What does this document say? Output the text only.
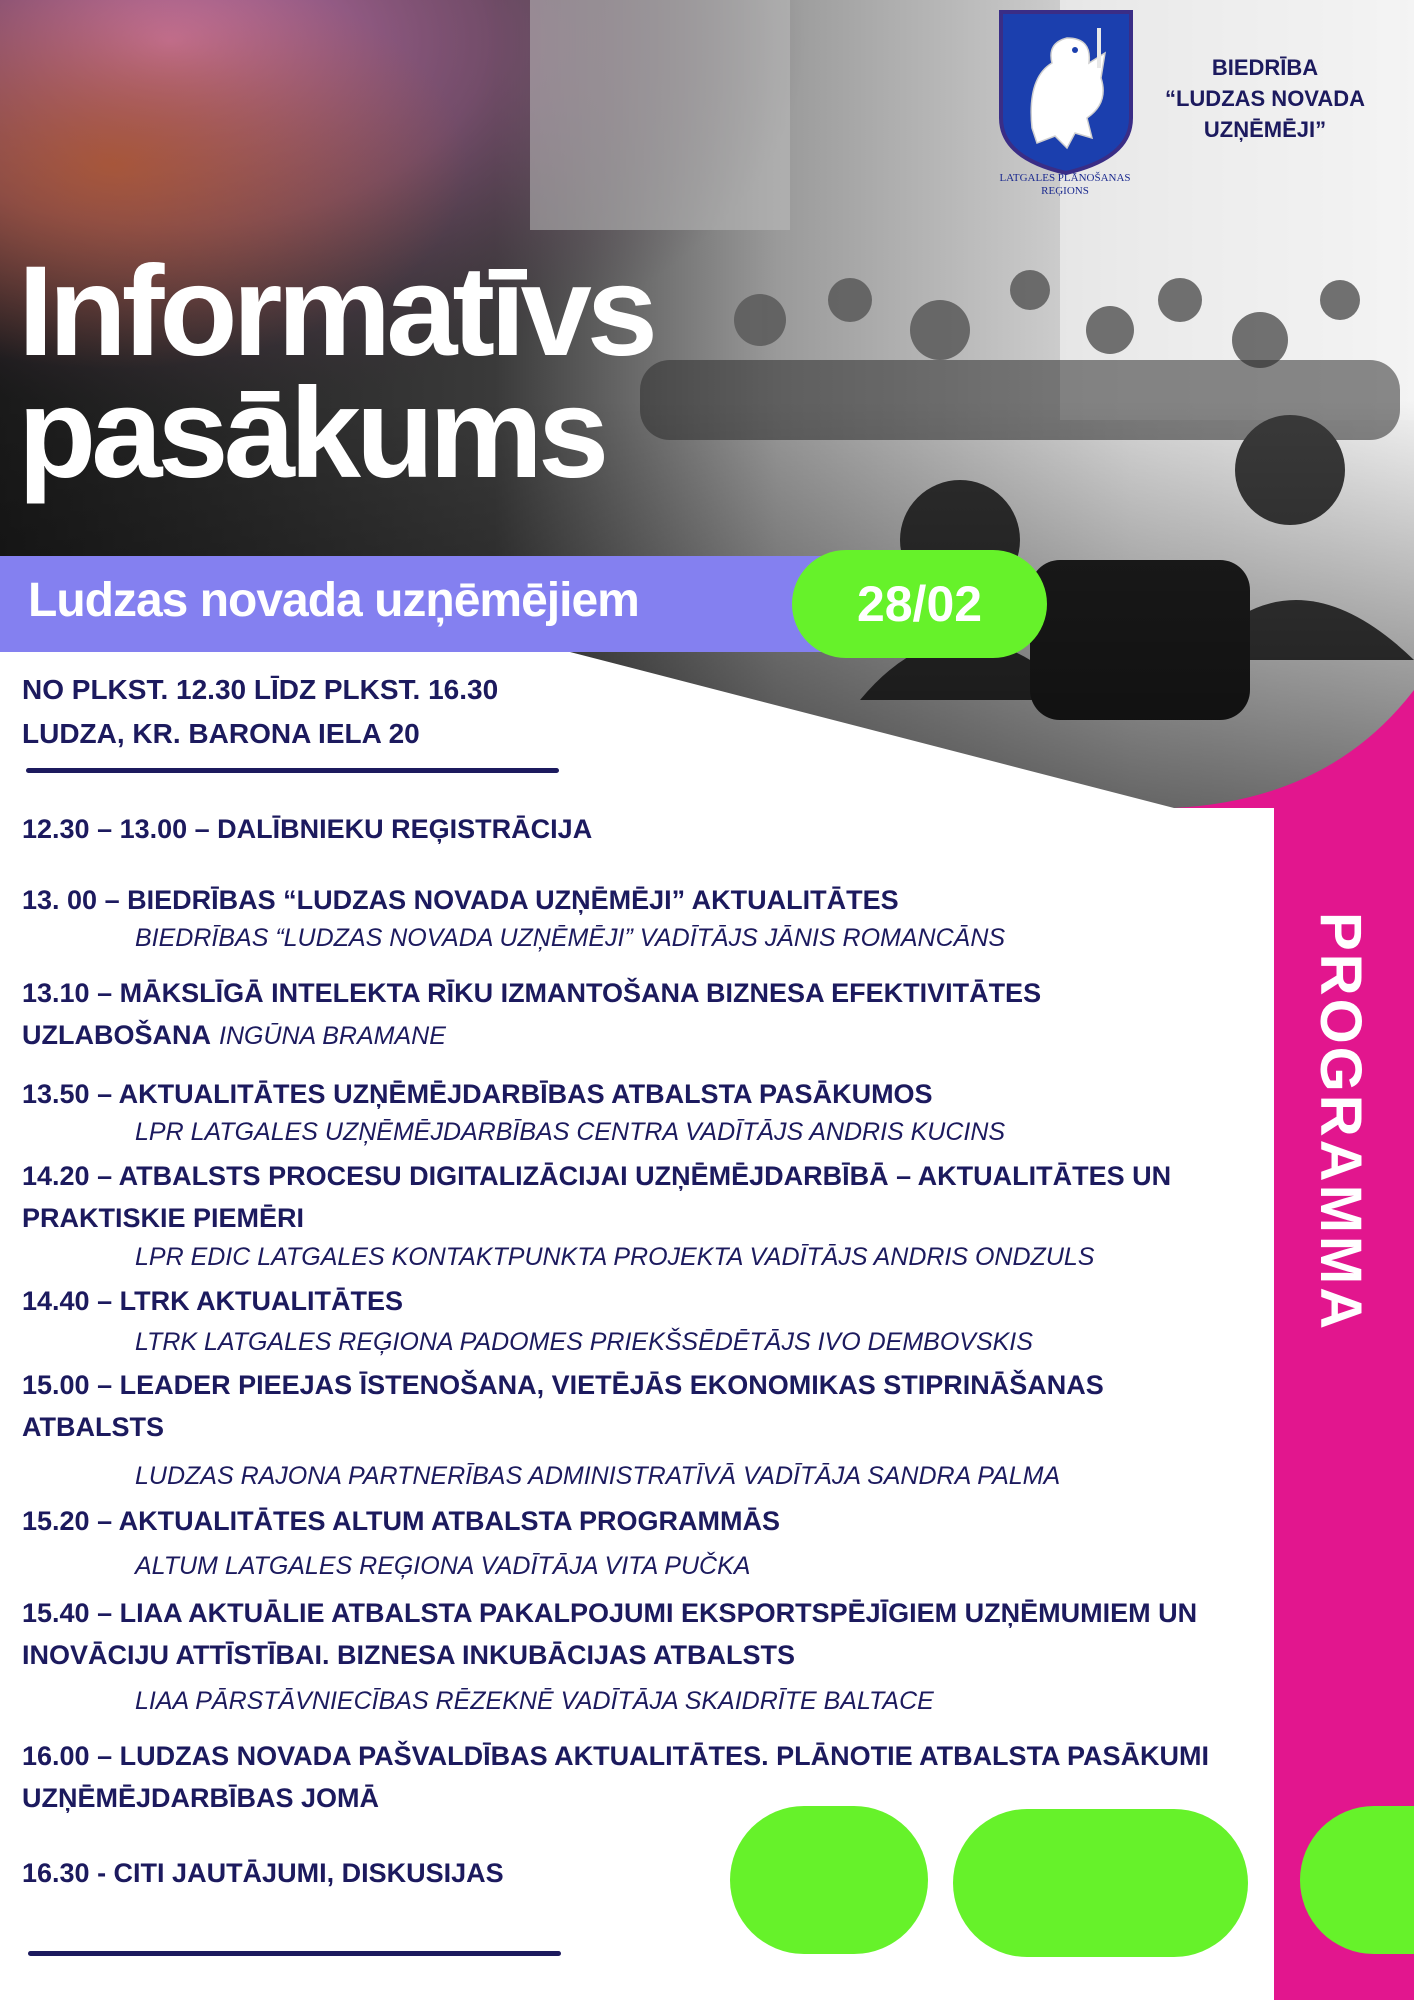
LATGALES PLĀNOŠANAS
REĢIONS
BIEDRĪBA
“LUDZAS NOVADA
UZŅĒMĒJI”
Informatīvs
pasākums
Ludzas novada uzņēmējiem	28/02
NO PLKST. 12.30 LĪDZ PLKST. 16.30
LUDZA, KR. BARONA IELA 20
12.30 – 13.00 – DALĪBNIEKU REĢISTRĀCIJA
13. 00 – BIEDRĪBAS “LUDZAS NOVADA UZŅĒMĒJI” AKTUALITĀTES
BIEDRĪBAS “LUDZAS NOVADA UZŅĒMĒJI” VADĪTĀJS JĀNIS ROMANCĀNS
13.10 – MĀKSLĪGĀ INTELEKTA RĪKU IZMANTOŠANA BIZNESA EFEKTIVITĀTES
UZLABOŠANA INGŪNA BRAMANE
13.50 – AKTUALITĀTES UZŅĒMĒJDARBĪBAS ATBALSTA PASĀKUMOS
LPR LATGALES UZŅĒMĒJDARBĪBAS CENTRA VADĪTĀJS ANDRIS KUCINS
14.20 – ATBALSTS PROCESU DIGITALIZĀCIJAI UZŅĒMĒJDARBĪBĀ – AKTUALITĀTES UN PRAKTISKIE PIEMĒRI
LPR EDIC LATGALES KONTAKTPUNKTA PROJEKTA VADĪTĀJS ANDRIS ONDZULS
14.40 – LTRK AKTUALITĀTES
LTRK LATGALES REĢIONA PADOMES PRIEKŠSĒDĒTĀJS IVO DEMBOVSKIS
15.00 – LEADER PIEEJAS ĪSTENOŠANA, VIETĒJĀS EKONOMIKAS STIPRINĀŠANAS ATBALSTS
LUDZAS RAJONA PARTNERĪBAS ADMINISTRATĪVĀ VADĪTĀJA SANDRA PALMA
15.20 – AKTUALITĀTES ALTUM ATBALSTA PROGRAMMĀS
ALTUM LATGALES REĢIONA VADĪTĀJA VITA PUČKA
15.40 – LIAA AKTUĀLIE ATBALSTA PAKALPOJUMI EKSPORTSPĒJĪGIEM UZŅĒMUMIEM UN INOVĀCIJU ATTĪSTĪBAI. BIZNESA INKUBĀCIJAS ATBALSTS
LIAA PĀRSTĀVNIECĪBAS RĒZEKNĒ VADĪTĀJA SKAIDRĪTE BALTACE
16.00 – LUDZAS NOVADA PAŠVALDĪBAS AKTUALITĀTES. PLĀNOTIE ATBALSTA PASĀKUMI UZŅĒMĒJDARBĪBAS JOMĀ
16.30 - CITI JAUTĀJUMI, DISKUSIJAS
PROGRAMMA
